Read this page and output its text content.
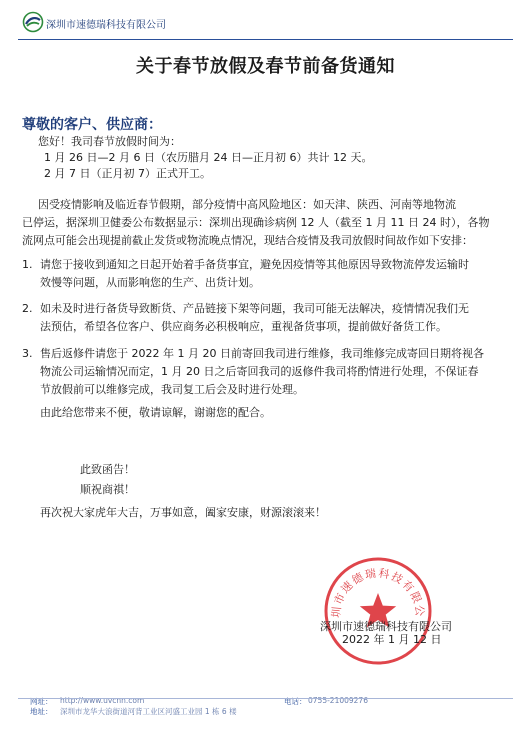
深圳市速德瑞科技有限公司
关于春节放假及春节前备货通知
尊敬的客户、供应商：
您好！我司春节放假时间为：
1 月 26 日—2 月 6 日（农历腊月 24 日—正月初 6）共计 12 天。
2 月 7 日（正月初 7）正式开工。
因受疫情影响及临近春节假期，部分疫情中高风险地区：如天津、陕西、河南等地物流
已停运，据深圳卫健委公布数据显示：深圳出现确诊病例 12 人（截至 1 月 11 日 24 时），各物
流网点可能会出现提前截止发货或物流晚点情况，现结合疫情及我司放假时间故作如下安排：
1. 请您于接收到通知之日起开始着手备货事宜，避免因疫情等其他原因导致物流停发运输时
效慢等问题，从而影响您的生产、出货计划。
2. 如未及时进行备货导致断货、产品链接下架等问题，我司可能无法解决，疫情情况我们无
法预估，希望各位客户、供应商务必积极响应，重视备货事项，提前做好备货工作。
3. 售后返修件请您于 2022 年 1 月 20 日前寄回我司进行维修，我司维修完成寄回日期将视各
物流公司运输情况而定，1 月 20 日之后寄回我司的返修件我司将酌情进行处理，不保证春
节放假前可以维修完成，我司复工后会及时进行处理。
由此给您带来不便，敬请谅解，谢谢您的配合。
此致函告！
顺祝商祺！
再次祝大家虎年大吉，万事如意，阖家安康，财源滚滚来！
圳市速德瑞科技有限公
深圳市速德瑞科技有限公司
2022 年 1 月 12 日
网址： http://www.uvcnn.com	电话： 0755-21009276
地址： 深圳市龙华大浪街道河背工业区河盛工业园 1 栋 6 楼
